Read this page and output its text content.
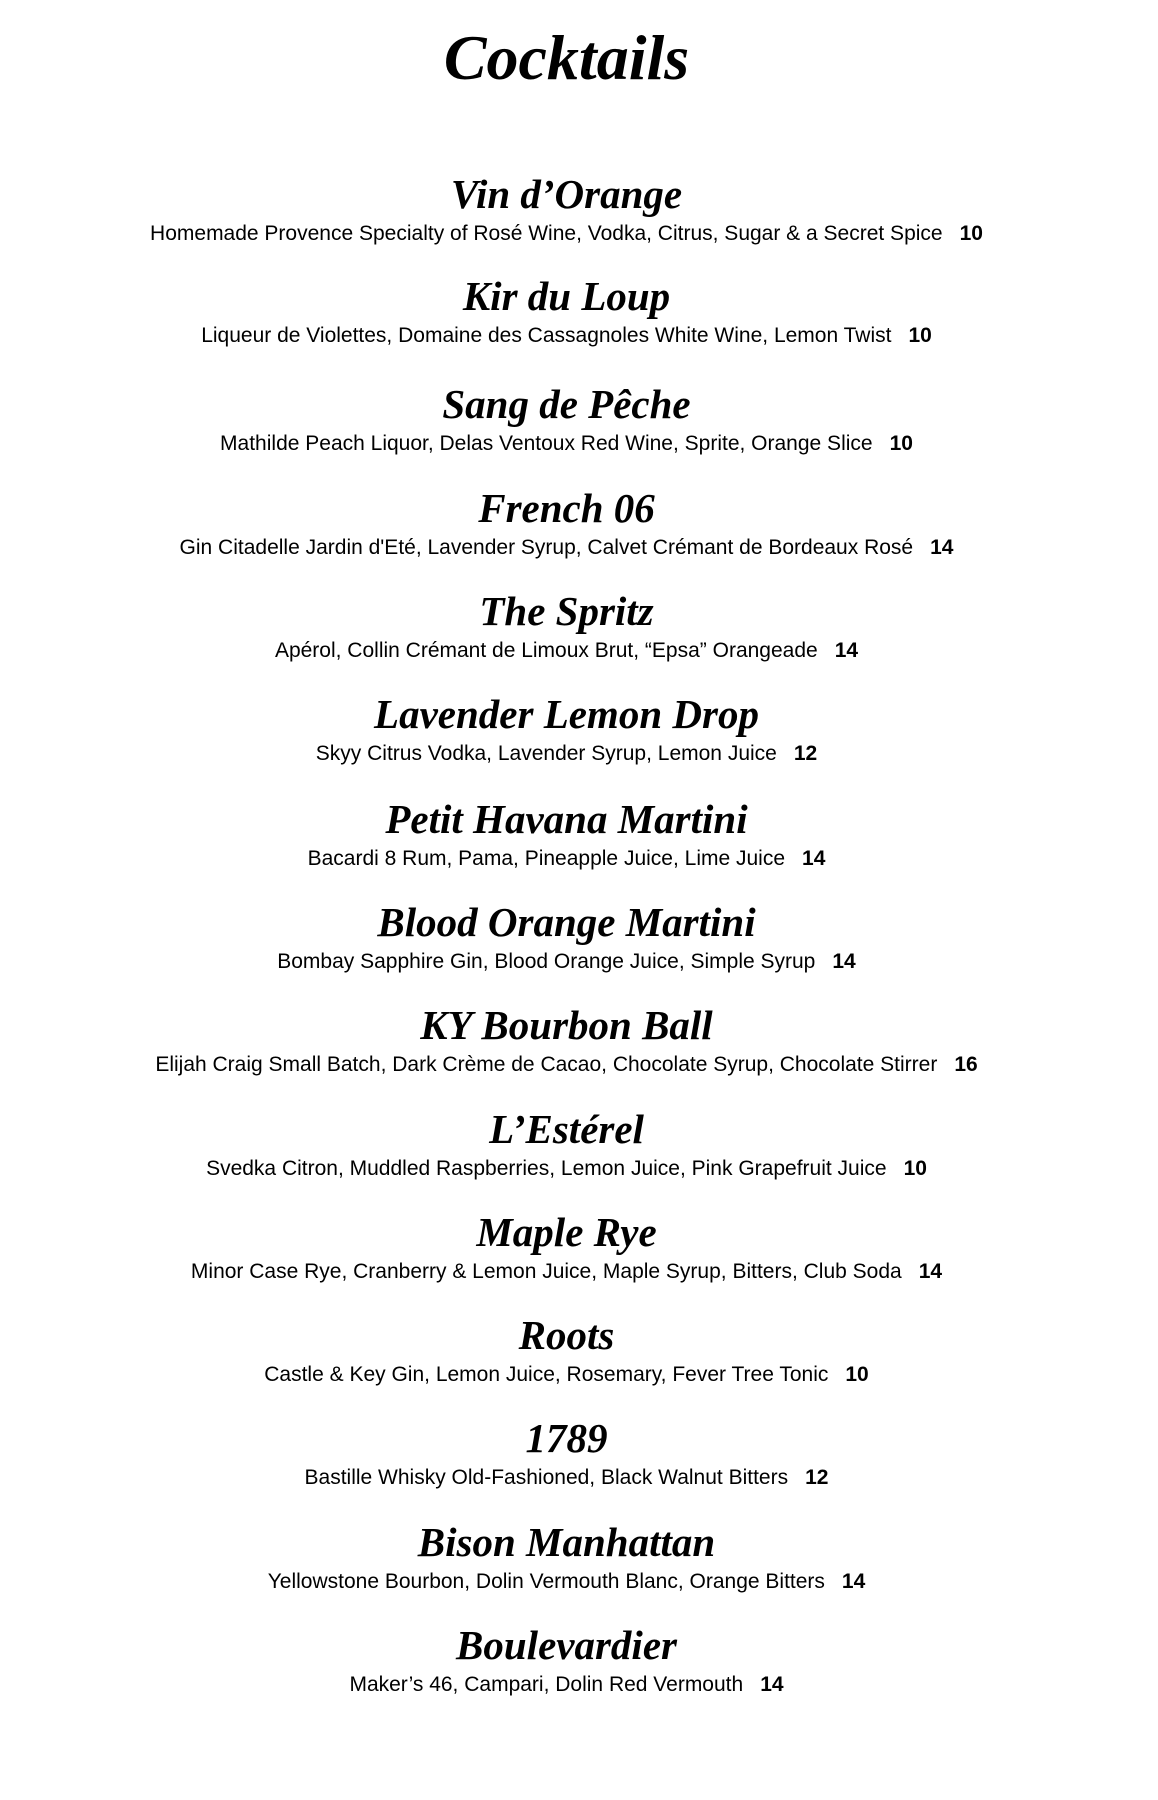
Cocktails
Vin d’Orange
Homemade Provence Specialty of Rosé Wine, Vodka, Citrus, Sugar & a Secret Spice 10
Kir du Loup
Liqueur de Violettes, Domaine des Cassagnoles White Wine, Lemon Twist 10
Sang de Pêche
Mathilde Peach Liquor, Delas Ventoux Red Wine, Sprite, Orange Slice 10
French 06
Gin Citadelle Jardin d'Eté, Lavender Syrup, Calvet Crémant de Bordeaux Rosé 14
The Spritz
Apérol, Collin Crémant de Limoux Brut, “Epsa” Orangeade 14
Lavender Lemon Drop
Skyy Citrus Vodka, Lavender Syrup, Lemon Juice 12
Petit Havana Martini
Bacardi 8 Rum, Pama, Pineapple Juice, Lime Juice 14
Blood Orange Martini
Bombay Sapphire Gin, Blood Orange Juice, Simple Syrup 14
KY Bourbon Ball
Elijah Craig Small Batch, Dark Crème de Cacao, Chocolate Syrup, Chocolate Stirrer 16
L’Estérel
Svedka Citron, Muddled Raspberries, Lemon Juice, Pink Grapefruit Juice 10
Maple Rye
Minor Case Rye, Cranberry & Lemon Juice, Maple Syrup, Bitters, Club Soda 14
Roots
Castle & Key Gin, Lemon Juice, Rosemary, Fever Tree Tonic 10
1789
Bastille Whisky Old-Fashioned, Black Walnut Bitters 12
Bison Manhattan
Yellowstone Bourbon, Dolin Vermouth Blanc, Orange Bitters 14
Boulevardier
Maker’s 46, Campari, Dolin Red Vermouth 14
